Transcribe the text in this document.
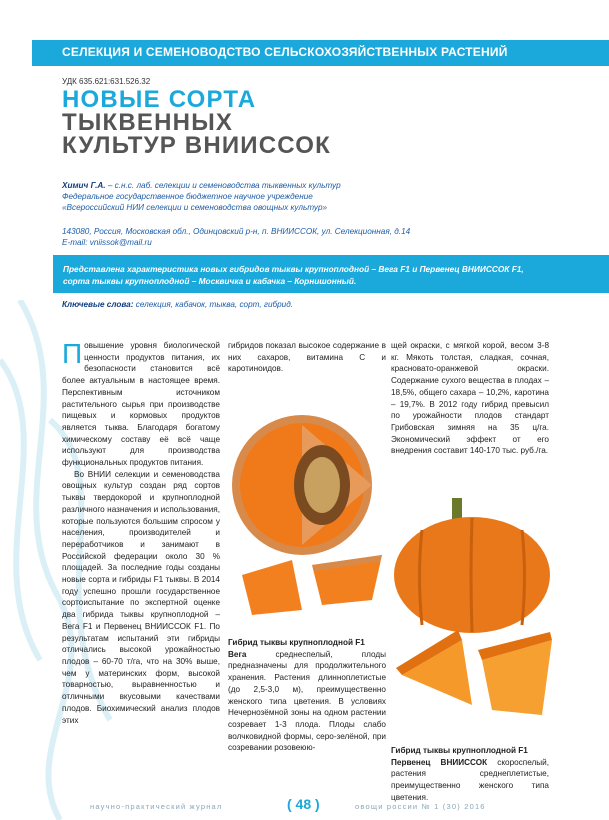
СЕЛЕКЦИЯ И СЕМЕНОВОДСТВО СЕЛЬСКОХОЗЯЙСТВЕННЫХ РАСТЕНИЙ
УДК 635.621:631.526.32
НОВЫЕ СОРТА
ТЫКВЕННЫХ
КУЛЬТУР ВНИИССОК
Химич Г.А. – с.н.с. лаб. селекции и семеноводства тыквенных культур
Федеральное государственное бюджетное научное учреждение
«Всероссийский НИИ селекции и семеноводства овощных культур»
143080, Россия, Московская обл., Одинцовский р-н, п. ВНИИССОК, ул. Селекционная, д.14
E-mail: vniissok@mail.ru

Представлена характеристика новых гибридов тыквы крупноплодной – Вега F1 и Первенец ВНИИССОК F1, сорта тыквы крупноплодной – Москвичка и кабачка – Корнишонный.

Ключевые слова: селекция, кабачок, тыква, сорт, гибрид.

Повышение уровня биологической ценности продуктов питания, их безопасности становится всё более актуальным в настоящее время. Перспективным источником растительного сырья при производстве пищевых и кормовых продуктов является тыква. Благодаря богатому химическому составу её всё чаще используют для производства функциональных продуктов питания.

Во ВНИИ селекции и семеноводства овощных культур создан ряд сортов тыквы твердокорой и крупноплодной различного назначения и использования, которые пользуются большим спросом у населения, производителей и переработчиков и занимают в Российской федерации около 30 % площадей. За последние годы созданы новые сорта и гибриды F1 тыквы. В 2014 году успешно прошли государственное сортоиспытание по экспертной оценке два гибрида тыквы крупноплодной – Вега F1 и Первенец ВНИИССОК F1. По результатам испытаний эти гибриды отличались высокой урожайностью плодов – 60-70 т/га, что на 30% выше, чем у материнских форм, высокой товарностью, выравненностью и отличными вкусовыми качествами плодов. Биохимический анализ плодов этих

гибридов показал высокое содержание в них сахаров, витамина С и каротиноидов.
Гибрид тыквы крупноплодной F1

Вега среднеспелый, плоды предназначены для продолжительного хранения. Растения длинноплетистые (до 2,5-3,0 м), преимущественно женского типа цветения. В условиях Нечернозёмной зоны на одном растении созревает 1-3 плода. Плоды слабо волчковидной формы, серо-зелёной, при созревании розовеюю-

щей окраски, с мягкой корой, весом 3-8 кг. Мякоть толстая, сладкая, сочная, красновато-оранжевой окраски. Содержание сухого вещества в плодах – 18,5%, общего сахара – 10,2%, каротина – 19,7%. В 2012 году гибрид превысил по урожайности плодов стандарт Грибовская зимняя на 35 ц/га. Экономический эффект от его внедрения составит 140-170 тыс. руб./га.
Гибрид тыквы крупноплодной F1

Первенец ВНИИССОК скороспелый, растения среднеплетистые, преимущественно женского типа цветения.

научно-практический журнал	( 48 )	овощи россии № 1 (30) 2016
